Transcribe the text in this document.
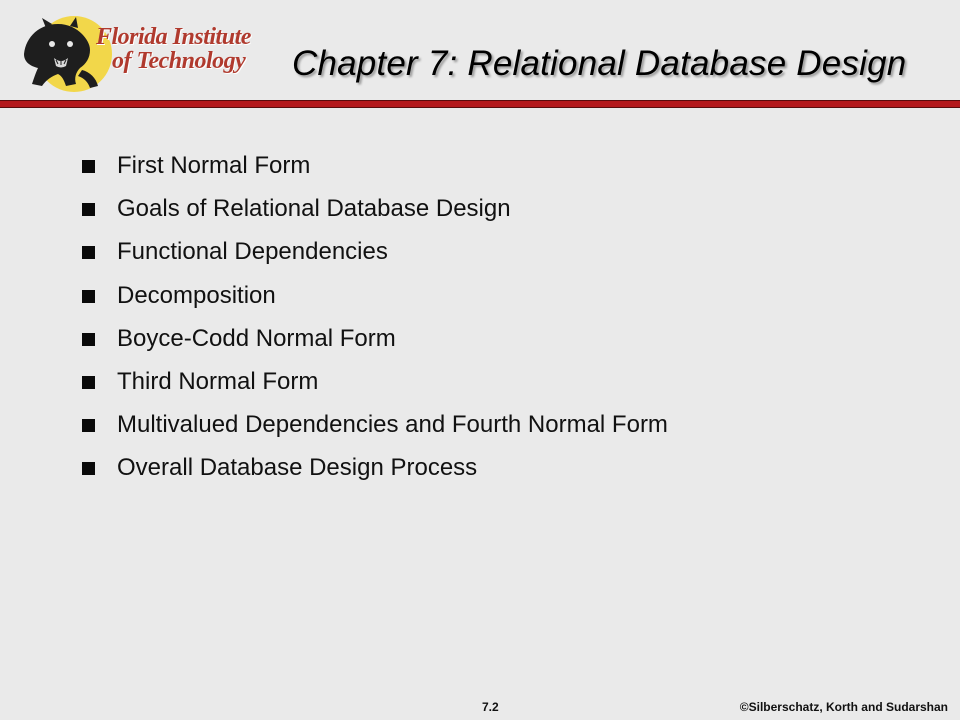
Florida Institute
of Technology Chapter 7: Relational Database Design
First Normal Form
Goals of Relational Database Design
Functional Dependencies
Decomposition
Boyce-Codd Normal Form
Third Normal Form
Multivalued Dependencies and Fourth Normal Form
Overall Database Design Process
7.2	©Silberschatz, Korth and Sudarshan
